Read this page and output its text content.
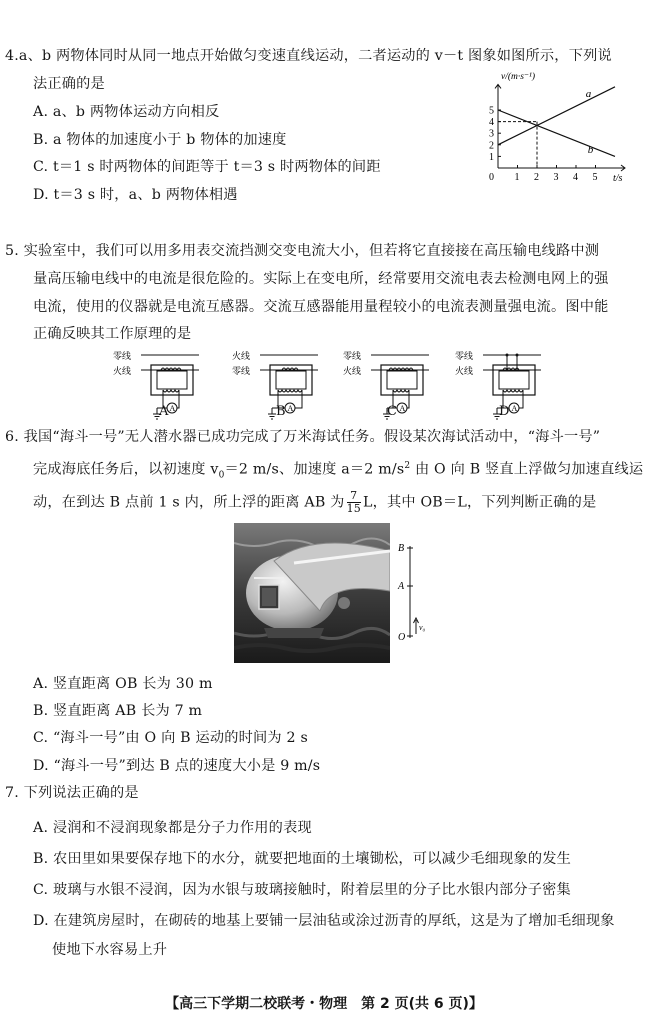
4.a、b 两物体同时从同一地点开始做匀变速直线运动，二者运动的 v－t 图象如图所示，下列说
法正确的是
A. a、b 两物体运动方向相反
B. a 物体的加速度小于 b 物体的加速度
C. t＝1 s 时两物体的间距等于 t＝3 s 时两物体的间距
D. t＝3 s 时，a、b 两物体相遇
0 1 2 3 4 5
1
2
3
4
5
t/s
v/(m·s⁻¹)
a
b
5. 实验室中，我们可以用多用表交流挡测交变电流大小，但若将它直接接在高压输电线路中测
量高压输电线中的电流是很危险的。实际上在变电所，经常要用交流电表去检测电网上的强
电流，使用的仪器就是电流互感器。交流互感器能用量程较小的电流表测量强电流。图中能
正确反映其工作原理的是
零线
火线
A
A
火线
零线
A
B
零线
火线
A
C
零线
火线
A
D
6. 我国“海斗一号”无人潜水器已成功完成了万米海试任务。假设某次海试活动中，“海斗一号”
完成海底任务后，以初速度 $v_0=2$ m/s、加速度 a＝2 $m/s^2$ 由 O 向 B 竖直上浮做匀加速直线运
动，在到达 B 点前 1 s 内，所上浮的距离 AB 为 $\frac{7}{15}$ L，其中 OB＝L，下列判断正确的是
B
A
O
v₀
A. 竖直距离 OB 长为 30 m
B. 竖直距离 AB 长为 7 m
C. “海斗一号”由 O 向 B 运动的时间为 2 s
D. “海斗一号”到达 B 点的速度大小是 9 m/s
7. 下列说法正确的是
A. 浸润和不浸润现象都是分子力作用的表现
B. 农田里如果要保存地下的水分，就要把地面的土壤锄松，可以减少毛细现象的发生
C. 玻璃与水银不浸润，因为水银与玻璃接触时，附着层里的分子比水银内部分子密集
D. 在建筑房屋时，在砌砖的地基上要铺一层油毡或涂过沥青的厚纸，这是为了增加毛细现象
使地下水容易上升
【高三下学期二校联考・物理　第 2 页(共 6 页)】
